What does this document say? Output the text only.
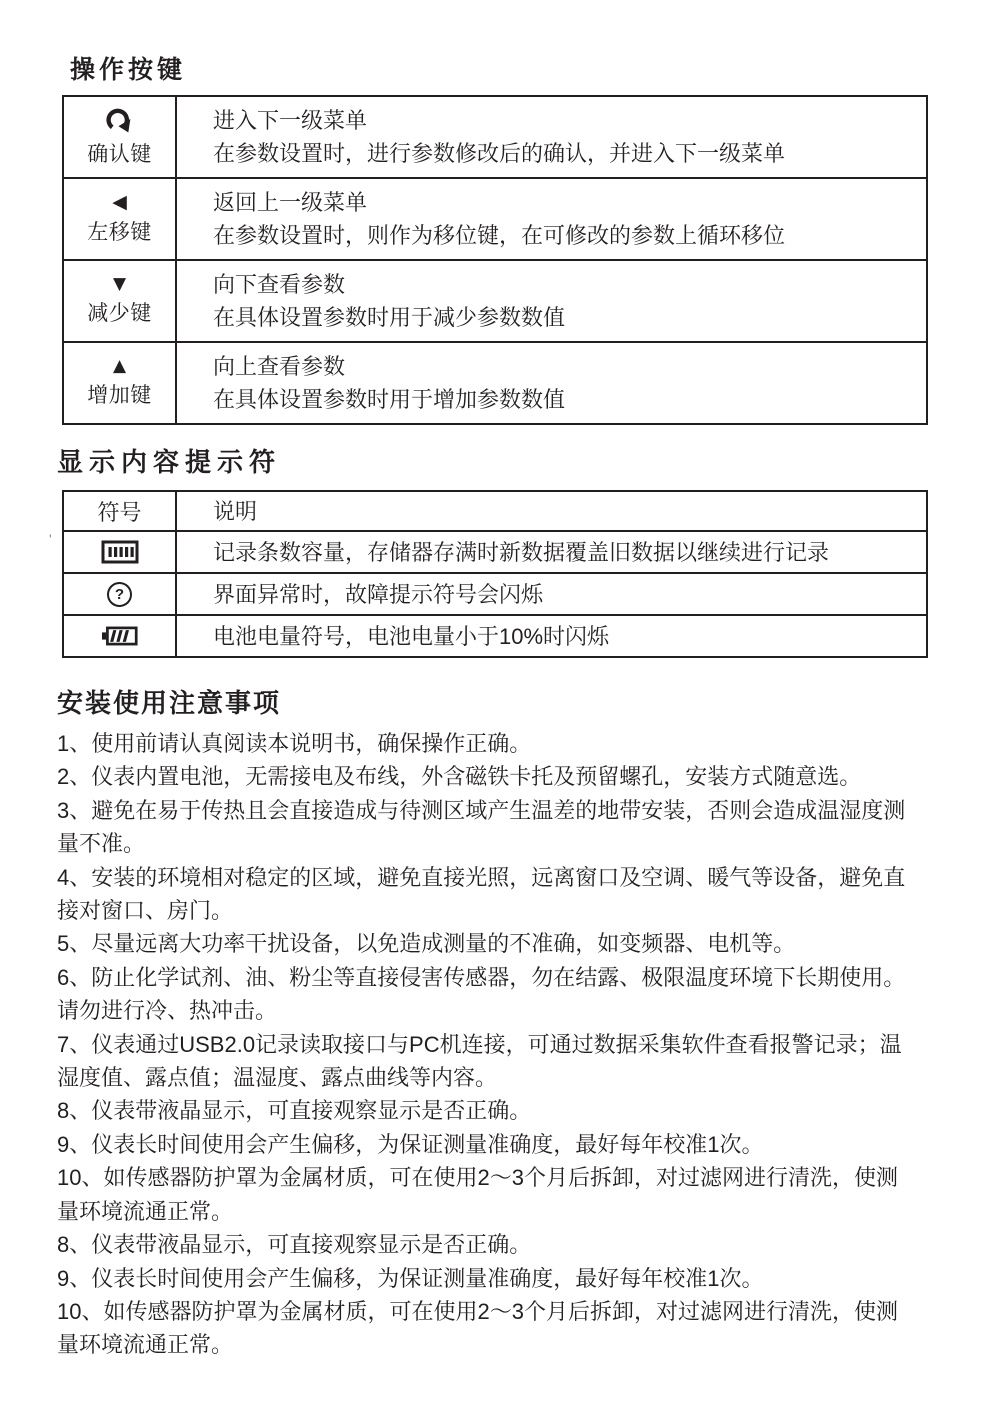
操作按键
确认键
进入下一级菜单
在参数设置时，进行参数修改后的确认，并进入下一级菜单
◀
左移键
返回上一级菜单
在参数设置时，则作为移位键，在可修改的参数上循环移位
▼
减少键
向下查看参数
在具体设置参数时用于减少参数数值
▲
增加键
向上查看参数
在具体设置参数时用于增加参数数值
显示内容提示符
'
符号	说明
记录条数容量，存储器存满时新数据覆盖旧数据以继续进行记录
?	界面异常时，故障提示符号会闪烁
电池电量符号，电池电量小于10%时闪烁
安装使用注意事项

1、使用前请认真阅读本说明书，确保操作正确。

2、仪表内置电池，无需接电及布线，外含磁铁卡托及预留螺孔，安装方式随意选。

3、避免在易于传热且会直接造成与待测区域产生温差的地带安装，否则会造成温湿度测

量不准。

4、安装的环境相对稳定的区域，避免直接光照，远离窗口及空调、暖气等设备，避免直

接对窗口、房门。

5、尽量远离大功率干扰设备，以免造成测量的不准确，如变频器、电机等。

6、防止化学试剂、油、粉尘等直接侵害传感器，勿在结露、极限温度环境下长期使用。

请勿进行冷、热冲击。

7、仪表通过USB2.0记录读取接口与PC机连接，可通过数据采集软件查看报警记录；温

湿度值、露点值；温湿度、露点曲线等内容。

8、仪表带液晶显示，可直接观察显示是否正确。

9、仪表长时间使用会产生偏移，为保证测量准确度，最好每年校准1次。

10、如传感器防护罩为金属材质，可在使用2～3个月后拆卸，对过滤网进行清洗，使测

量环境流通正常。

8、仪表带液晶显示，可直接观察显示是否正确。

9、仪表长时间使用会产生偏移，为保证测量准确度，最好每年校准1次。

10、如传感器防护罩为金属材质，可在使用2～3个月后拆卸，对过滤网进行清洗，使测

量环境流通正常。
